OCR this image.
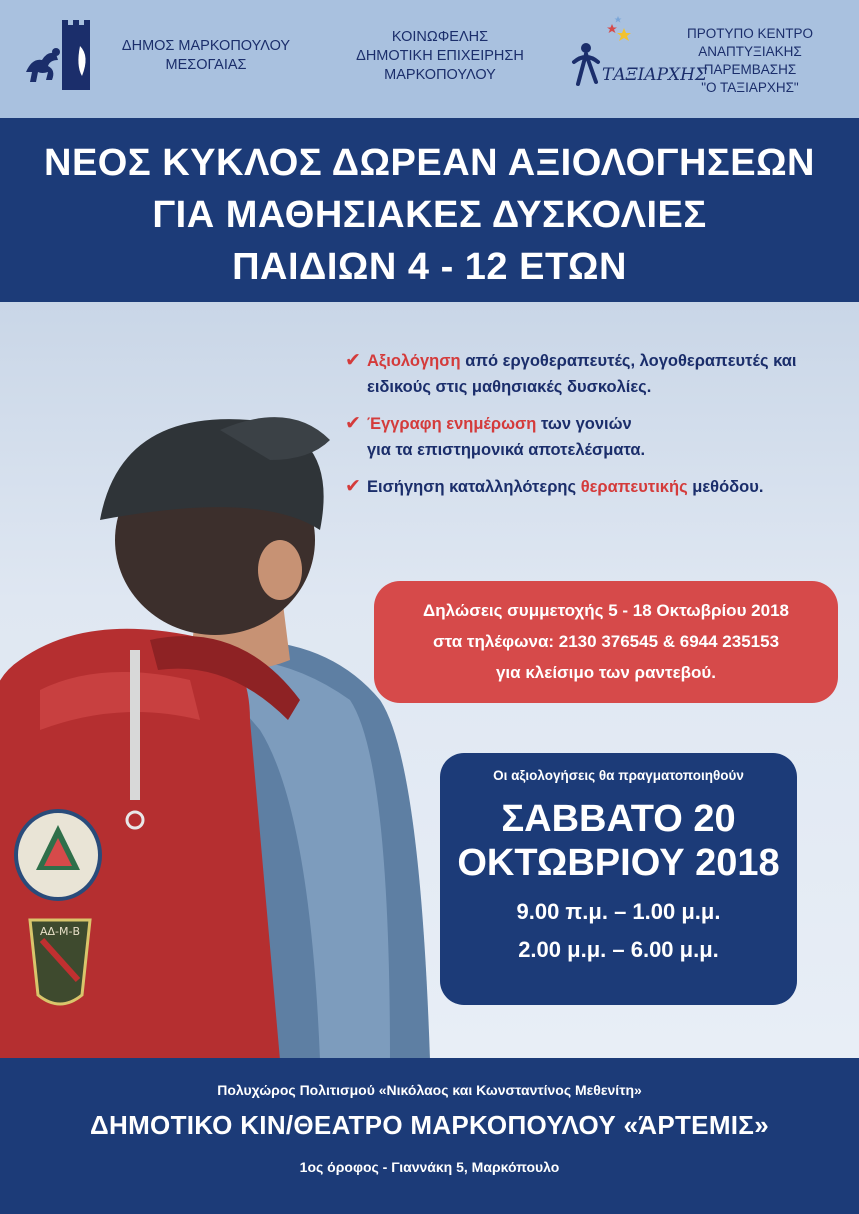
ΔΗΜΟΣ ΜΑΡΚΟΠΟΥΛΟΥ
ΜΕΣΟΓΑΙΑΣ
ΚΟΙΝΩΦΕΛΗΣ
ΔΗΜΟΤΙΚΗ ΕΠΙΧΕΙΡΗΣΗ
ΜΑΡΚΟΠΟΥΛΟΥ	ΤΑΞΙΑΡΧΗΣ
ΠΡΟΤΥΠΟ ΚΕΝΤΡΟ
ΑΝΑΠΤΥΞΙΑΚΗΣ
ΠΑΡΕΜΒΑΣΗΣ
"Ο ΤΑΞΙΑΡΧΗΣ"
ΝΕΟΣ ΚΥΚΛΟΣ ΔΩΡΕΑΝ ΑΞΙΟΛΟΓΗΣΕΩΝ
ΓΙΑ ΜΑΘΗΣΙΑΚΕΣ ΔΥΣΚΟΛΙΕΣ
ΠΑΙΔΙΩΝ 4 - 12 ΕΤΩΝ
ΑΔ-Μ-Β
✔ Αξιολόγηση από εργοθεραπευτές, λογοθεραπευτές και
ειδικούς στις μαθησιακές δυσκολίες.
✔ Έγγραφη ενημέρωση των γονιών
για τα επιστημονικά αποτελέσματα.
✔ Εισήγηση καταλληλότερης θεραπευτικής μεθόδου.
Δηλώσεις συμμετοχής 5 - 18 Οκτωβρίου 2018
στα τηλέφωνα: 2130 376545 & 6944 235153
για κλείσιμο των ραντεβού.
Οι αξιολογήσεις θα πραγματοποιηθούν
ΣΑΒΒΑΤΟ 20
ΟΚΤΩΒΡΙΟΥ 2018
9.00 π.μ. – 1.00 μ.μ.
2.00 μ.μ. – 6.00 μ.μ.
Πολυχώρος Πολιτισμού «Νικόλαος και Κωνσταντίνος Μεθενίτη»
ΔΗΜΟΤΙΚΟ ΚΙΝ/ΘΕΑΤΡΟ ΜΑΡΚΟΠΟΥΛΟΥ «ΆΡΤΕΜΙΣ»
1ος όροφος - Γιαννάκη 5, Μαρκόπουλο
